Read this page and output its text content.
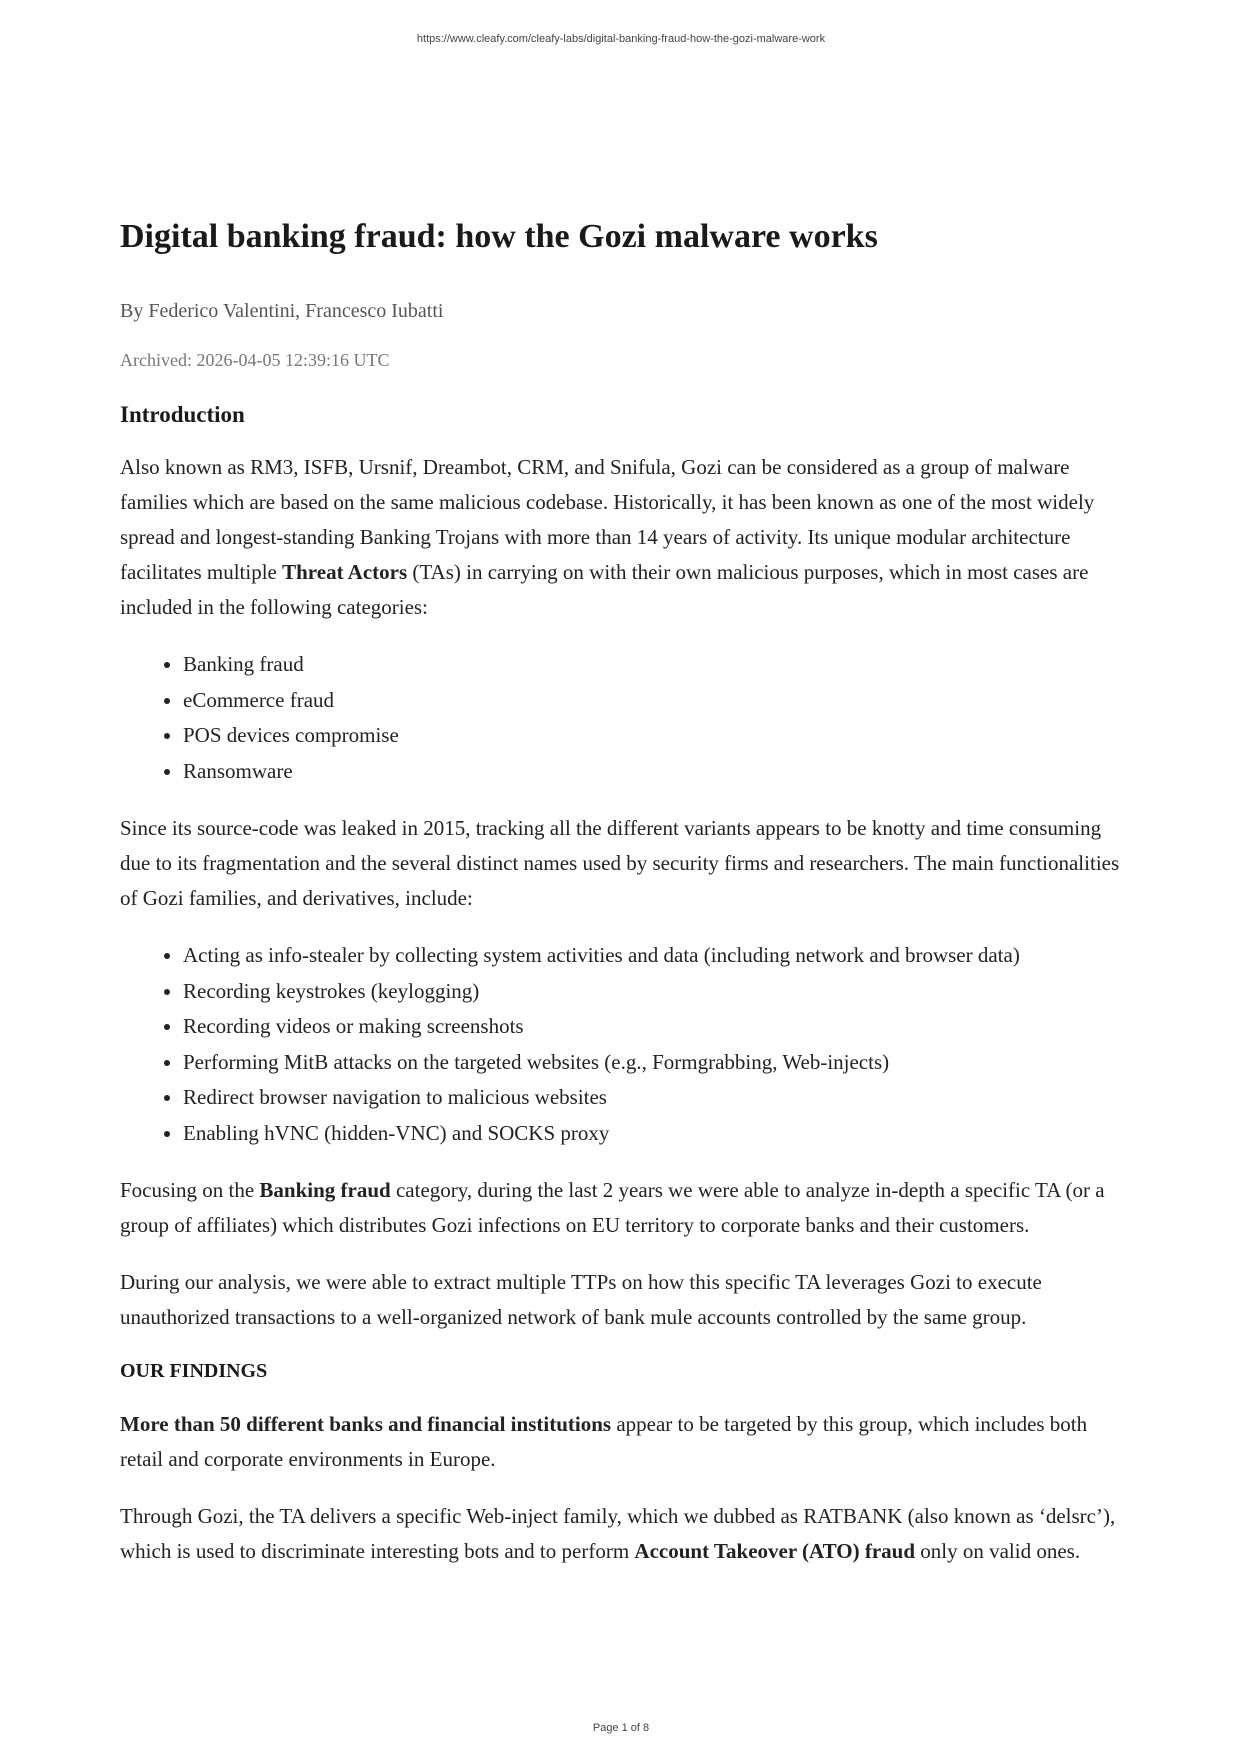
https://www.cleafy.com/cleafy-labs/digital-banking-fraud-how-the-gozi-malware-work
Digital banking fraud: how the Gozi malware works
By Federico Valentini, Francesco Iubatti
Archived: 2026-04-05 12:39:16 UTC
Introduction

Also known as RM3, ISFB, Ursnif, Dreambot, CRM, and Snifula, Gozi can be considered as a group of malware families which are based on the same malicious codebase. Historically, it has been known as one of the most widely spread and longest-standing Banking Trojans with more than 14 years of activity. Its unique modular architecture facilitates multiple Threat Actors (TAs) in carrying on with their own malicious purposes, which in most cases are included in the following categories:

• Banking fraud
• eCommerce fraud
• POS devices compromise
• Ransomware

Since its source-code was leaked in 2015, tracking all the different variants appears to be knotty and time consuming due to its fragmentation and the several distinct names used by security firms and researchers. The main functionalities of Gozi families, and derivatives, include:

• Acting as info-stealer by collecting system activities and data (including network and browser data)
• Recording keystrokes (keylogging)
• Recording videos or making screenshots
• Performing MitB attacks on the targeted websites (e.g., Formgrabbing, Web-injects)
• Redirect browser navigation to malicious websites
• Enabling hVNC (hidden-VNC) and SOCKS proxy

Focusing on the Banking fraud category, during the last 2 years we were able to analyze in-depth a specific TA (or a group of affiliates) which distributes Gozi infections on EU territory to corporate banks and their customers.

During our analysis, we were able to extract multiple TTPs on how this specific TA leverages Gozi to execute unauthorized transactions to a well-organized network of bank mule accounts controlled by the same group.

OUR FINDINGS

More than 50 different banks and financial institutions appear to be targeted by this group, which includes both retail and corporate environments in Europe.

Through Gozi, the TA delivers a specific Web-inject family, which we dubbed as RATBANK (also known as ‘delsrc’), which is used to discriminate interesting bots and to perform Account Takeover (ATO) fraud only on valid ones.

Page 1 of 8
